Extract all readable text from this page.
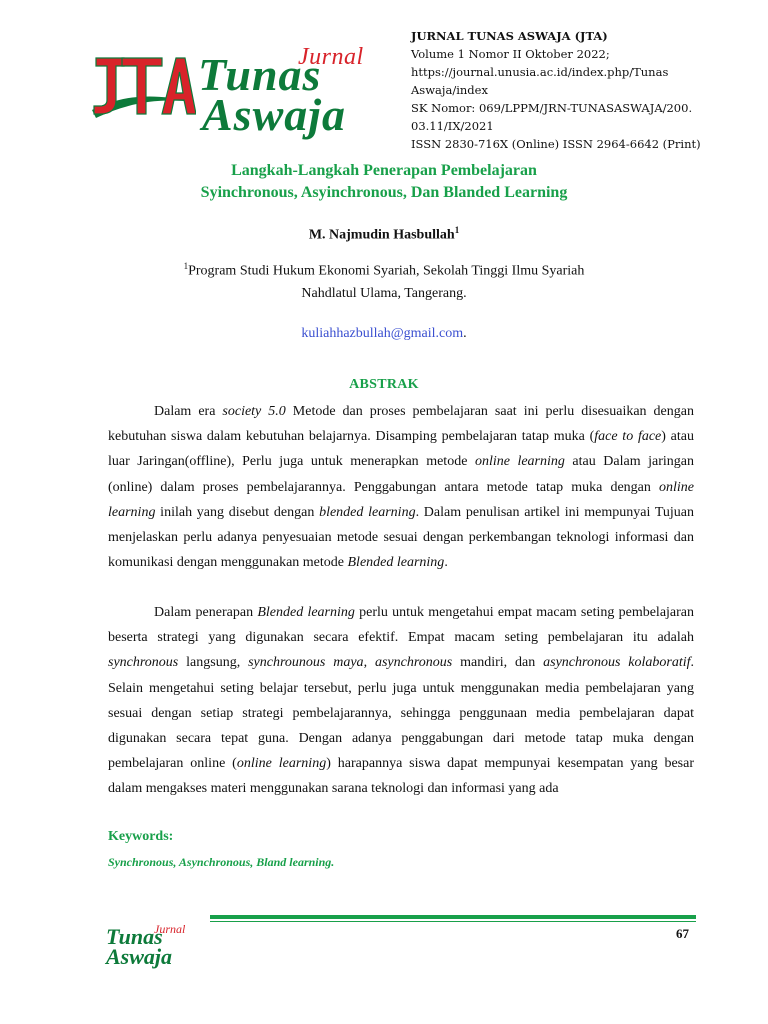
Jurnal
Tunas
Aswaja
JURNAL TUNAS ASWAJA (JTA)
Volume 1 Nomor II Oktober 2022;
https://journal.unusia.ac.id/index.php/Tunas
Aswaja/index
SK Nomor: 069/LPPM/JRN-TUNASASWAJA/200.
03.11/IX/2021
ISSN 2830-716X (Online) ISSN 2964-6642 (Print)
Langkah-Langkah Penerapan Pembelajaran
Syinchronous, Asyinchronous, Dan Blanded Learning
M. Najmudin Hasbullah$^1$
$^1$Program Studi Hukum Ekonomi Syariah, Sekolah Tinggi Ilmu Syariah
Nahdlatul Ulama, Tangerang.
kuliahhazbullah@gmail.com.
ABSTRAK

Dalam era society 5.0 Metode dan proses pembelajaran saat ini perlu disesuaikan dengan kebutuhan siswa dalam kebutuhan belajarnya. Disamping pembelajaran tatap muka (face to face) atau luar Jaringan(offline), Perlu juga untuk menerapkan metode online learning atau Dalam jaringan (online) dalam proses pembelajarannya. Penggabungan antara metode tatap muka dengan online learning inilah yang disebut dengan blended learning. Dalam penulisan artikel ini mempunyai Tujuan menjelaskan perlu adanya penyesuaian metode sesuai dengan perkembangan teknologi informasi dan komunikasi dengan menggunakan metode Blended learning.

Dalam penerapan Blended learning perlu untuk mengetahui empat macam seting pembelajaran beserta strategi yang digunakan secara efektif. Empat macam seting pembelajaran itu adalah synchronous langsung, synchrounous maya, asynchronous mandiri, dan asynchronous kolaboratif. Selain mengetahui seting belajar tersebut, perlu juga untuk menggunakan media pembelajaran yang sesuai dengan setiap strategi pembelajarannya, sehingga penggunaan media pembelajaran dapat digunakan secara tepat guna. Dengan adanya penggabungan dari metode tatap muka dengan pembelajaran online (online learning) harapannya siswa dapat mempunyai kesempatan yang besar dalam mengakses materi menggunakan sarana teknologi dan informasi yang ada

Keywords:
Synchronous, Asynchronous, Bland learning.
Jurnal
Tunas
Aswaja
67
